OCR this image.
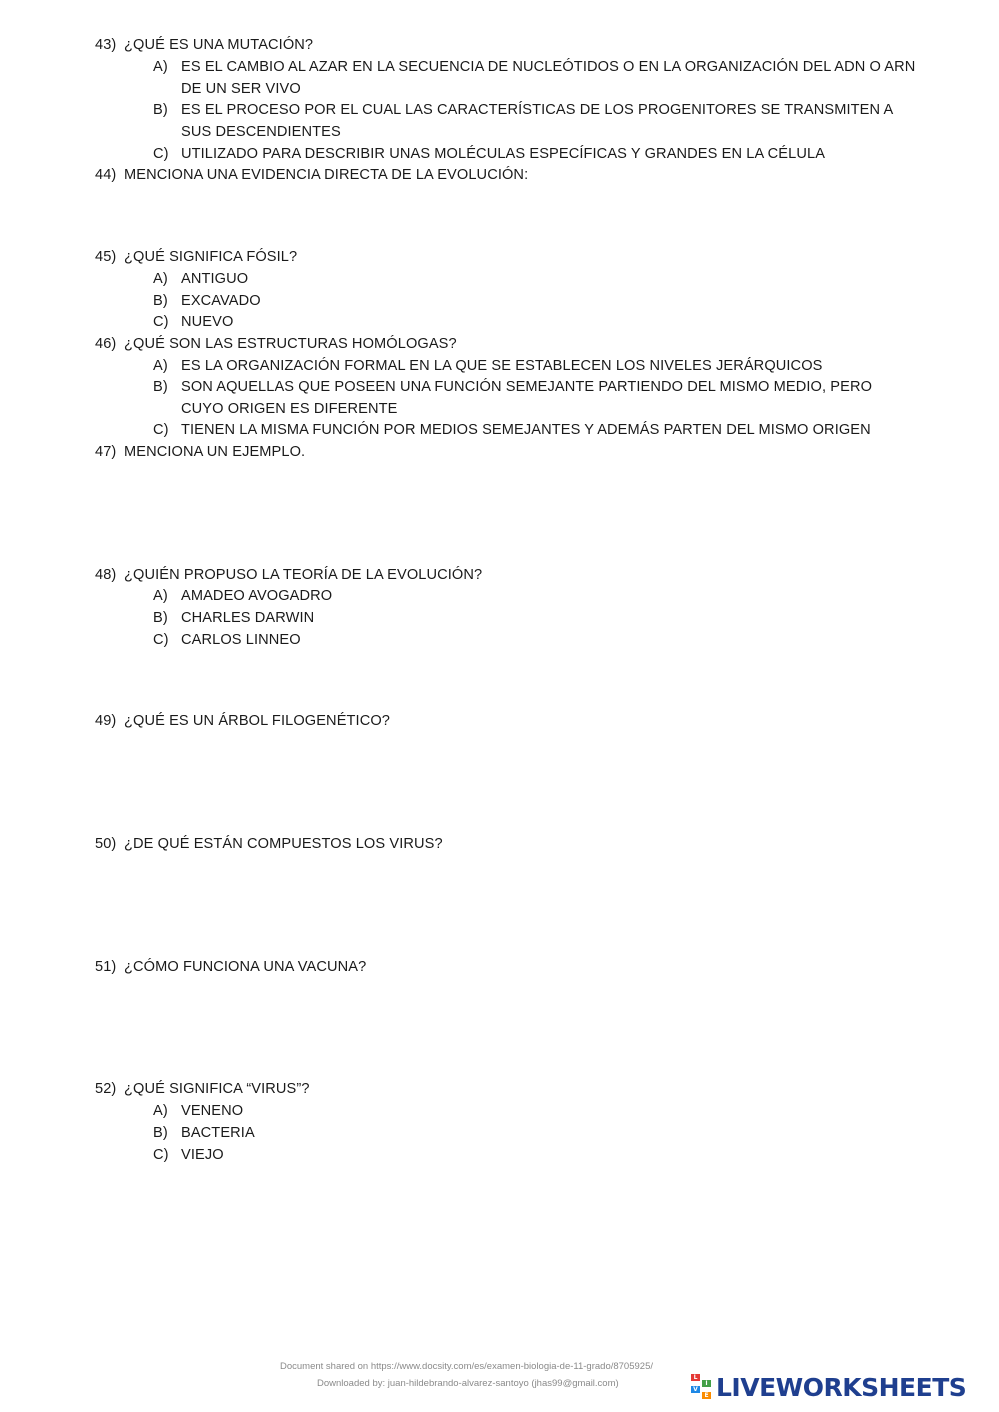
43) ¿QUÉ ES UNA MUTACIÓN?
A) ES EL CAMBIO AL AZAR EN LA SECUENCIA DE NUCLEÓTIDOS O EN LA ORGANIZACIÓN DEL ADN O ARN DE UN SER VIVO
B) ES EL PROCESO POR EL CUAL LAS CARACTERÍSTICAS DE LOS PROGENITORES SE TRANSMITEN A SUS DESCENDIENTES
C) UTILIZADO PARA DESCRIBIR UNAS MOLÉCULAS ESPECÍFICAS Y GRANDES EN LA CÉLULA
44) MENCIONA UNA EVIDENCIA DIRECTA DE LA EVOLUCIÓN:
45) ¿QUÉ SIGNIFICA FÓSIL?
A) ANTIGUO
B) EXCAVADO
C) NUEVO
46) ¿QUÉ SON LAS ESTRUCTURAS HOMÓLOGAS?
A) ES LA ORGANIZACIÓN FORMAL EN LA QUE SE ESTABLECEN LOS NIVELES JERÁRQUICOS
B) SON AQUELLAS QUE POSEEN UNA FUNCIÓN SEMEJANTE PARTIENDO DEL MISMO MEDIO, PERO CUYO ORIGEN ES DIFERENTE
C) TIENEN LA MISMA FUNCIÓN POR MEDIOS SEMEJANTES Y ADEMÁS PARTEN DEL MISMO ORIGEN
47) MENCIONA UN EJEMPLO.
48) ¿QUIÉN PROPUSO LA TEORÍA DE LA EVOLUCIÓN?
A) AMADEO AVOGADRO
B) CHARLES DARWIN
C) CARLOS LINNEO
49) ¿QUÉ ES UN ÁRBOL FILOGENÉTICO?
50) ¿DE QUÉ ESTÁN COMPUESTOS LOS VIRUS?
51) ¿CÓMO FUNCIONA UNA VACUNA?
52) ¿QUÉ SIGNIFICA “VIRUS”?
A) VENENO
B) BACTERIA
C) VIEJO
Document shared on https://www.docsity.com/es/examen-biologia-de-11-grado/8705925/
Downloaded by: juan-hildebrando-alvarez-santoyo (jhas99@gmail.com)
L
I
V
E LIVEWORKSHEETS
